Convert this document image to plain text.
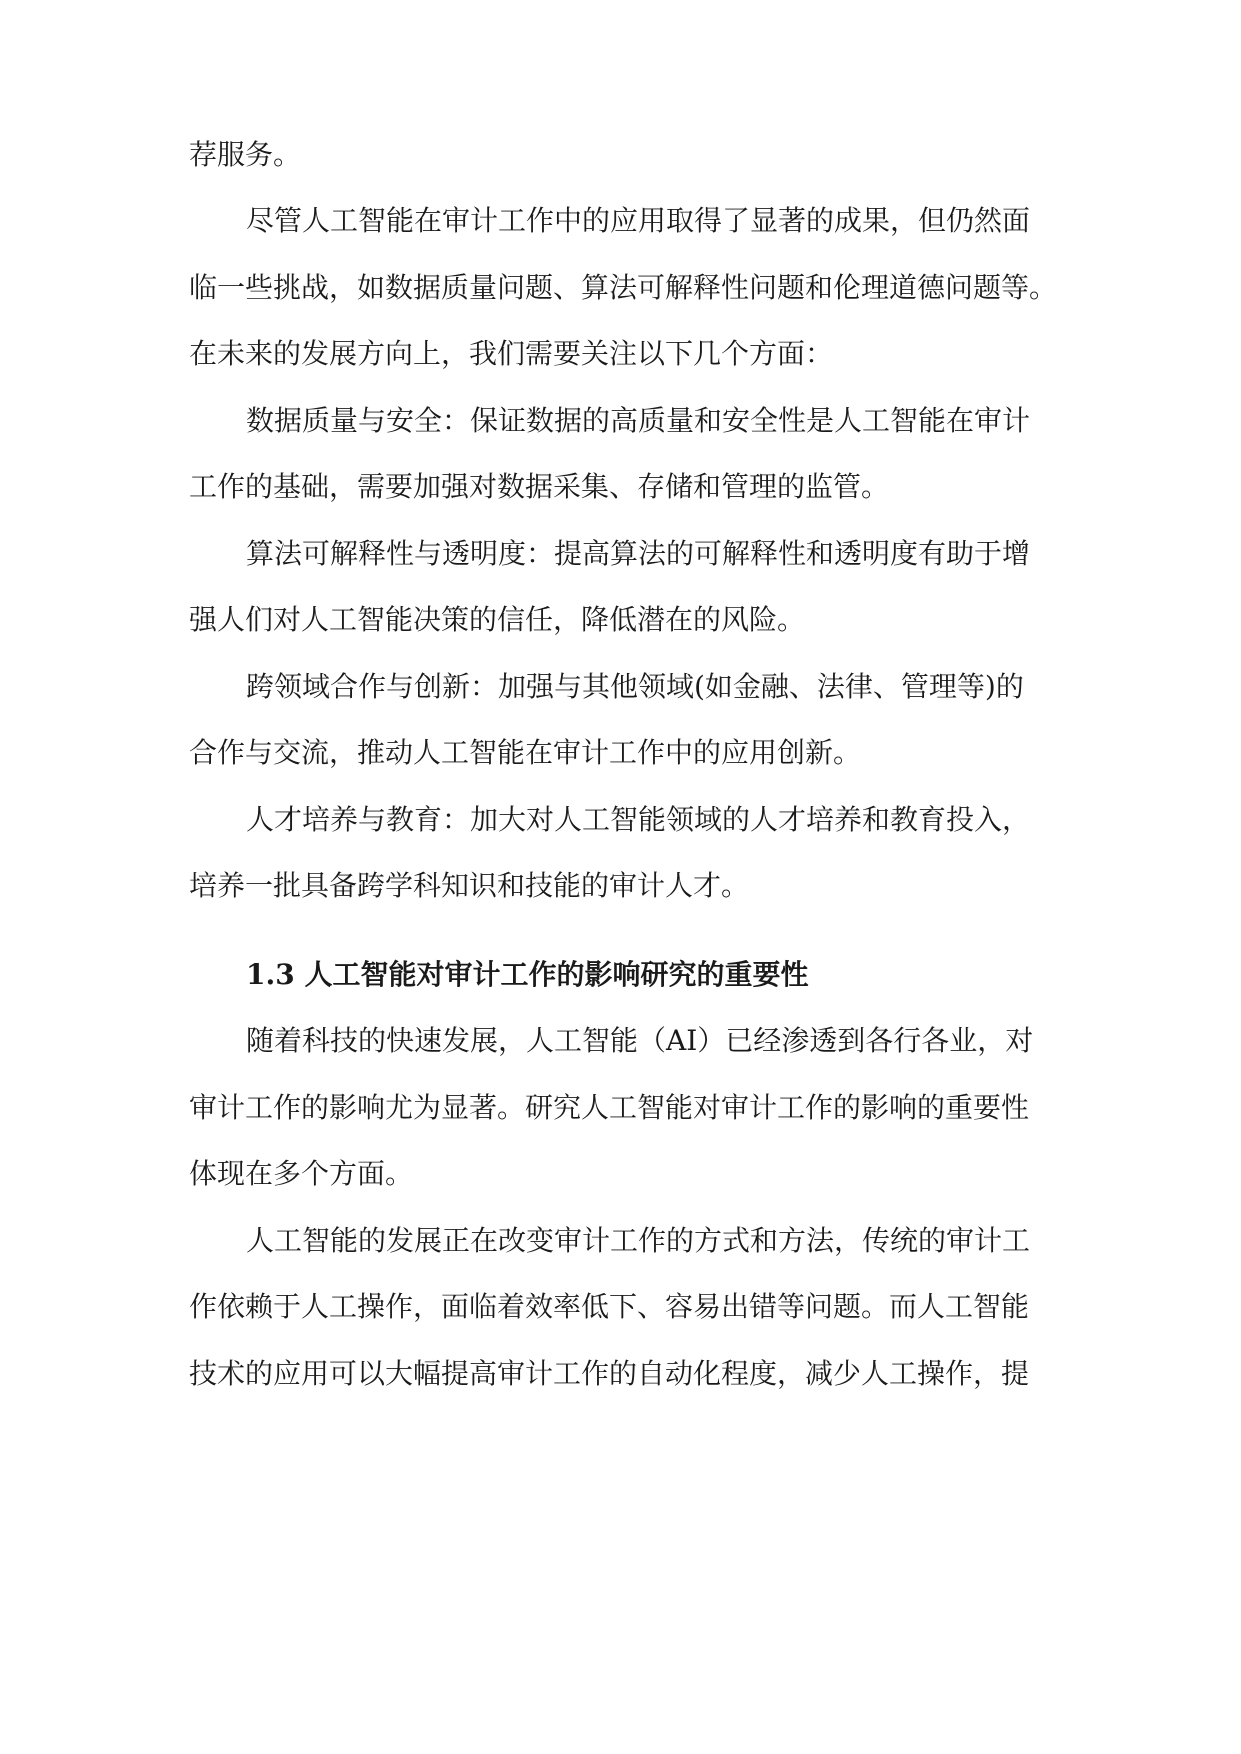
荐服务。
尽管人工智能在审计工作中的应用取得了显著的成果，但仍然面
临一些挑战，如数据质量问题、算法可解释性问题和伦理道德问题等。
在未来的发展方向上，我们需要关注以下几个方面：
数据质量与安全：保证数据的高质量和安全性是人工智能在审计
工作的基础，需要加强对数据采集、存储和管理的监管。
算法可解释性与透明度：提高算法的可解释性和透明度有助于增
强人们对人工智能决策的信任，降低潜在的风险。
跨领域合作与创新：加强与其他领域(如金融、法律、管理等)的
合作与交流，推动人工智能在审计工作中的应用创新。
人才培养与教育：加大对人工智能领域的人才培养和教育投入，
培养一批具备跨学科知识和技能的审计人才。
1.3 人工智能对审计工作的影响研究的重要性
随着科技的快速发展，人工智能（AI）已经渗透到各行各业，对
审计工作的影响尤为显著。研究人工智能对审计工作的影响的重要性
体现在多个方面。
人工智能的发展正在改变审计工作的方式和方法，传统的审计工
作依赖于人工操作，面临着效率低下、容易出错等问题。而人工智能
技术的应用可以大幅提高审计工作的自动化程度，减少人工操作，提
